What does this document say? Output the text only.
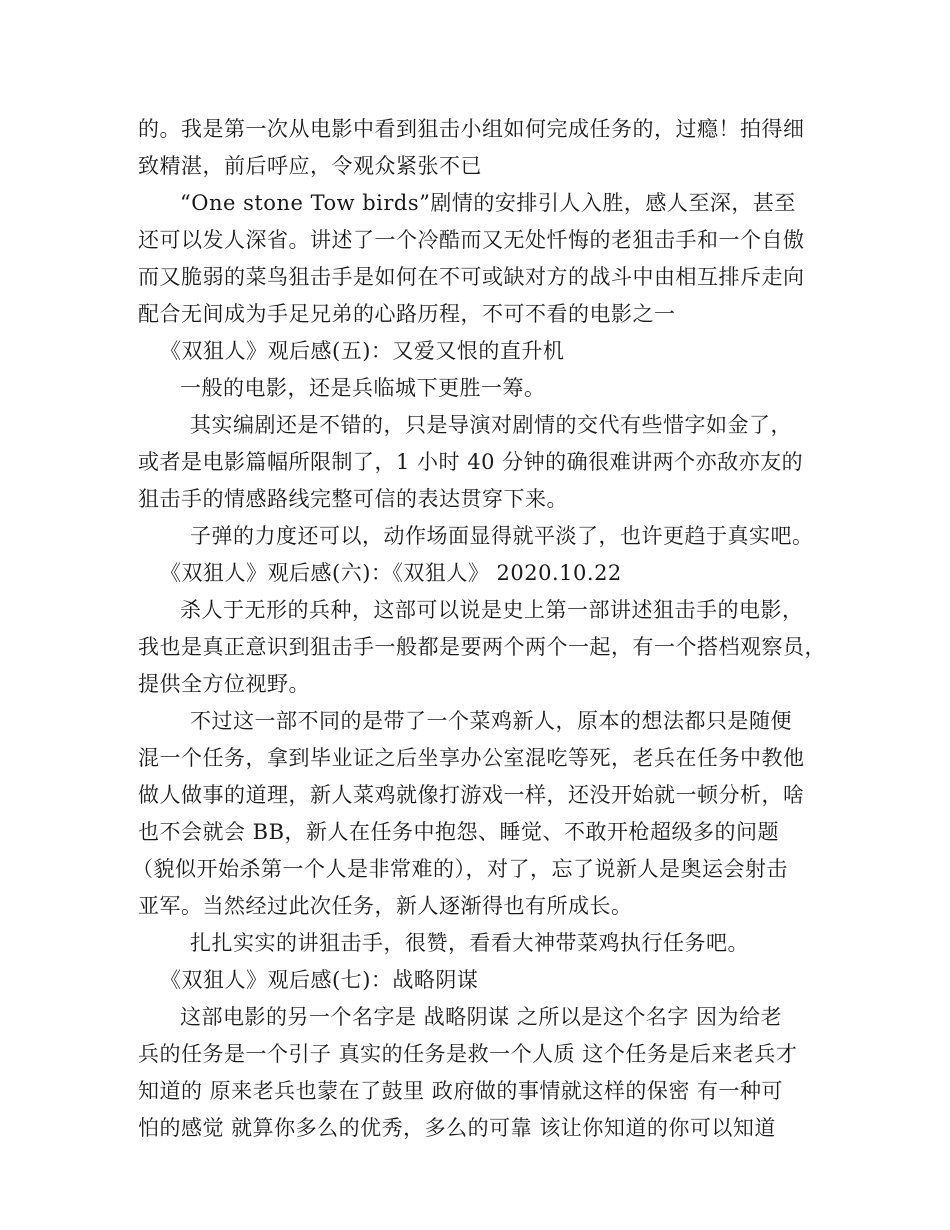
的。我是第一次从电影中看到狙击小组如何完成任务的，过瘾！拍得细
致精湛，前后呼应，令观众紧张不已
“One stone Tow birds”剧情的安排引人入胜，感人至深，甚至
还可以发人深省。讲述了一个冷酷而又无处忏悔的老狙击手和一个自傲
而又脆弱的菜鸟狙击手是如何在不可或缺对方的战斗中由相互排斥走向
配合无间成为手足兄弟的心路历程，不可不看的电影之一
《双狙人》观后感(五)：又爱又恨的直升机
一般的电影，还是兵临城下更胜一筹。
其实编剧还是不错的，只是导演对剧情的交代有些惜字如金了，
或者是电影篇幅所限制了，1 小时 40 分钟的确很难讲两个亦敌亦友的
狙击手的情感路线完整可信的表达贯穿下来。
子弹的力度还可以，动作场面显得就平淡了，也许更趋于真实吧。
《双狙人》观后感(六)：《双狙人》 2020.10.22
杀人于无形的兵种，这部可以说是史上第一部讲述狙击手的电影，
我也是真正意识到狙击手一般都是要两个两个一起，有一个搭档观察员，
提供全方位视野。
不过这一部不同的是带了一个菜鸡新人，原本的想法都只是随便
混一个任务，拿到毕业证之后坐享办公室混吃等死，老兵在任务中教他
做人做事的道理，新人菜鸡就像打游戏一样，还没开始就一顿分析，啥
也不会就会 BB，新人在任务中抱怨、睡觉、不敢开枪超级多的问题
（貌似开始杀第一个人是非常难的），对了，忘了说新人是奥运会射击
亚军。当然经过此次任务，新人逐渐得也有所成长。
扎扎实实的讲狙击手，很赞，看看大神带菜鸡执行任务吧。
《双狙人》观后感(七)：战略阴谋
这部电影的另一个名字是 战略阴谋 之所以是这个名字 因为给老
兵的任务是一个引子 真实的任务是救一个人质 这个任务是后来老兵才
知道的 原来老兵也蒙在了鼓里 政府做的事情就这样的保密 有一种可
怕的感觉 就算你多么的优秀，多么的可靠 该让你知道的你可以知道
